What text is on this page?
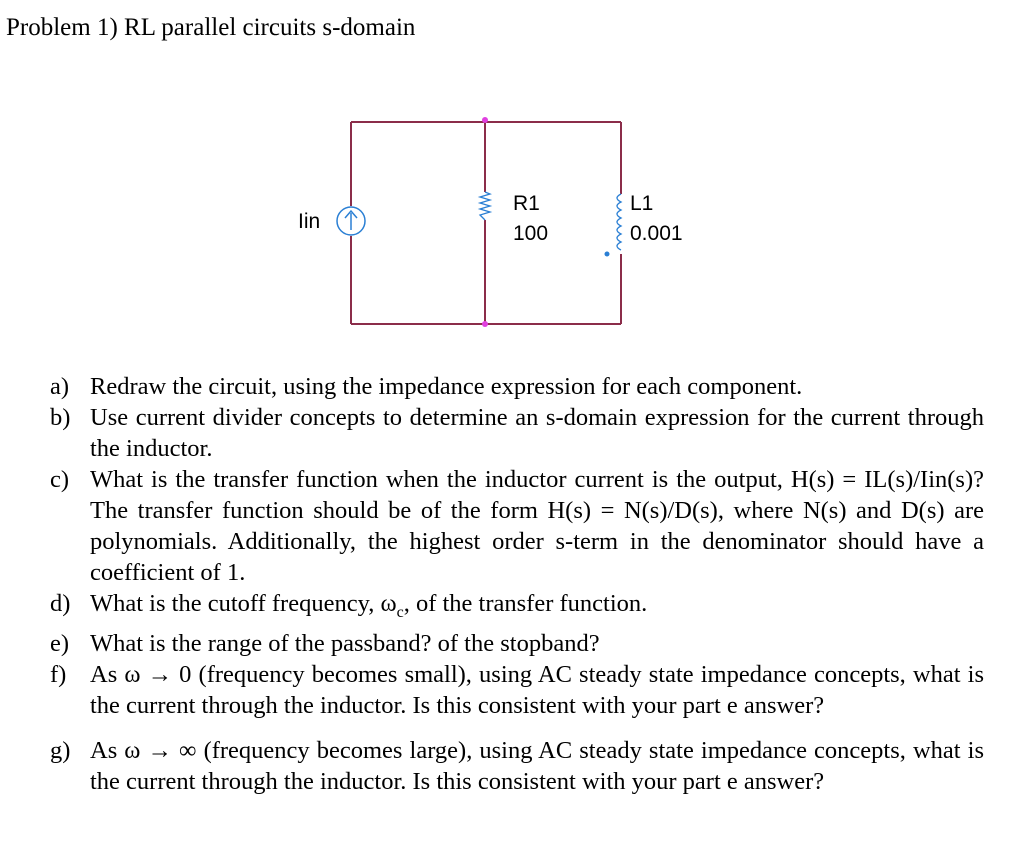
Problem 1) RL parallel circuits s-domain
Iin
R1
100
L1
0.001
a) Redraw the circuit, using the impedance expression for each component.
b) Use current divider concepts to determine an s-domain expression for the current through the inductor.
c) What is the transfer function when the inductor current is the output, H(s) = IL(s)/Iin(s)? The transfer function should be of the form H(s) = N(s)/D(s), where N(s) and D(s) are polynomials. Additionally, the highest order s-term in the denominator should have a coefficient of 1.
d) What is the cutoff frequency, $\omega_c$, of the transfer function.
e) What is the range of the passband? of the stopband?
f) As ω → 0 (frequency becomes small), using AC steady state impedance concepts, what is the current through the inductor. Is this consistent with your part e answer?
g) As ω → ∞ (frequency becomes large), using AC steady state impedance concepts, what is the current through the inductor. Is this consistent with your part e answer?
